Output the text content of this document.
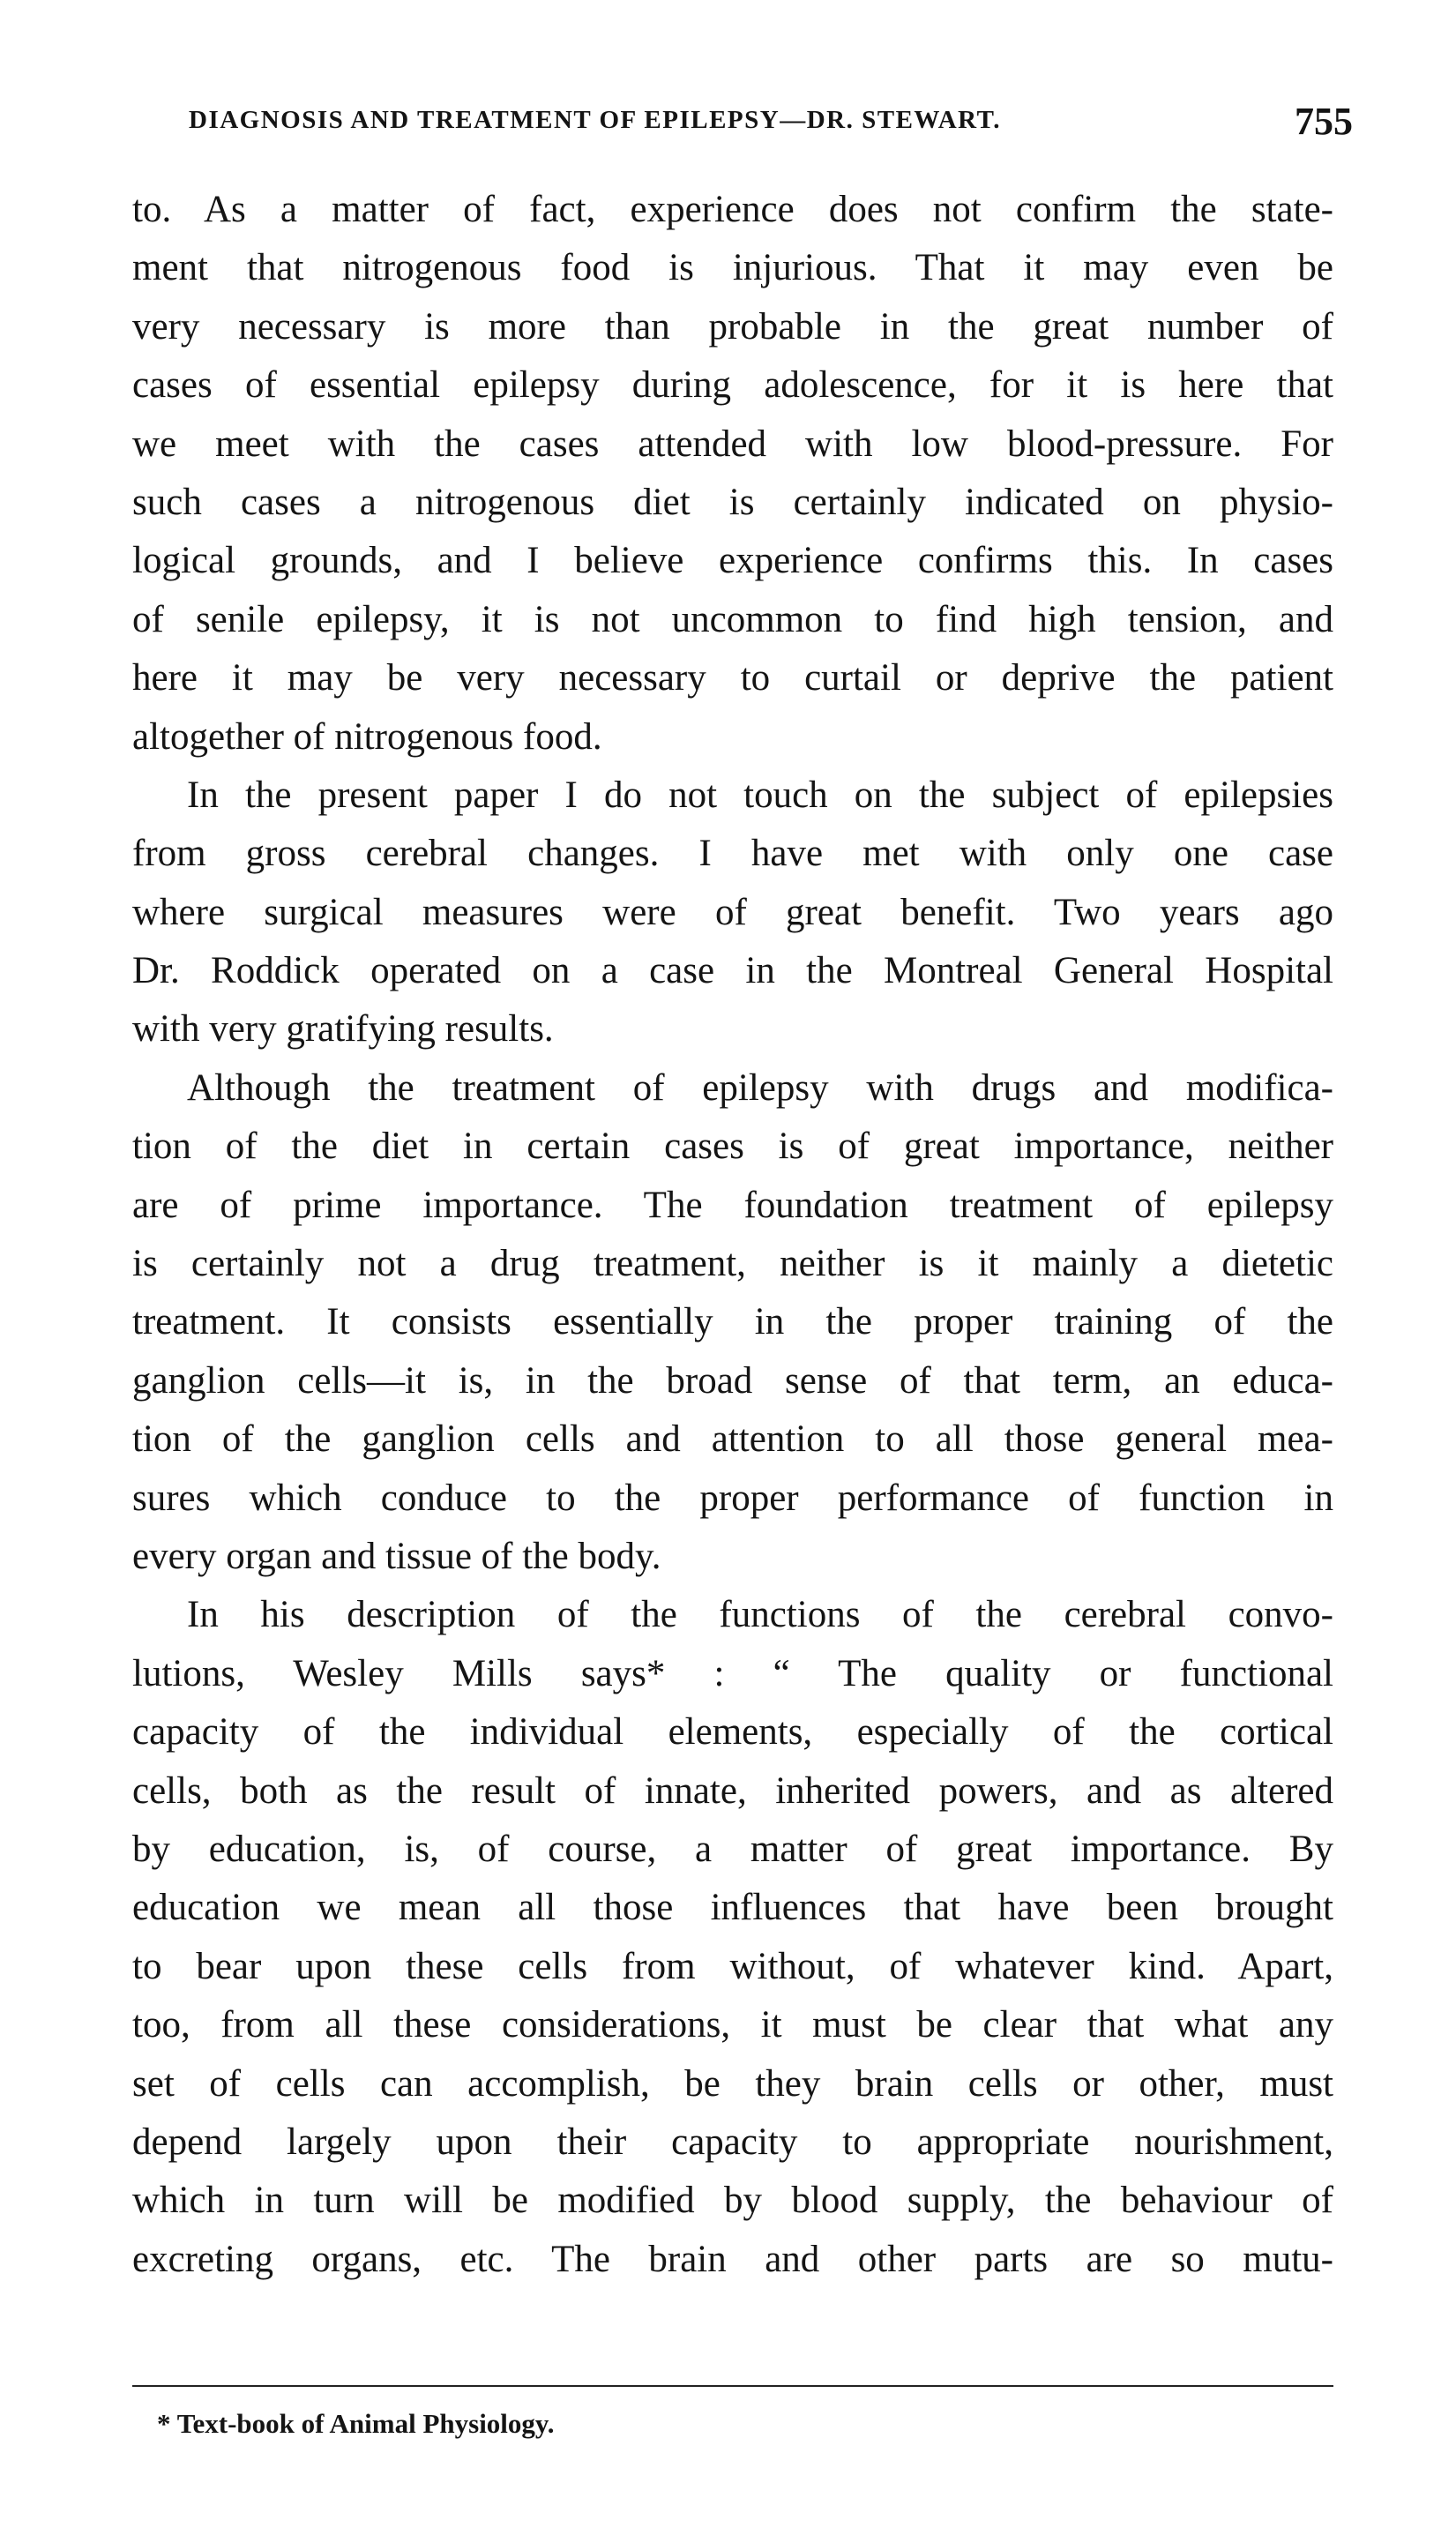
DIAGNOSIS AND TREATMENT OF EPILEPSY—DR. STEWART.	755
to. As a matter of fact, experience does not confirm the state-
ment that nitrogenous food is injurious. That it may even be
very necessary is more than probable in the great number of
cases of essential epilepsy during adolescence, for it is here that
we meet with the cases attended with low blood-pressure. For
such cases a nitrogenous diet is certainly indicated on physio-
logical grounds, and I believe experience confirms this. In cases
of senile epilepsy, it is not uncommon to find high tension, and
here it may be very necessary to curtail or deprive the patient
altogether of nitrogenous food.
In the present paper I do not touch on the subject of epilepsies
from gross cerebral changes. I have met with only one case
where surgical measures were of great benefit. Two years ago
Dr. Roddick operated on a case in the Montreal General Hospital
with very gratifying results.
Although the treatment of epilepsy with drugs and modifica-
tion of the diet in certain cases is of great importance, neither
are of prime importance. The foundation treatment of epilepsy
is certainly not a drug treatment, neither is it mainly a dietetic
treatment. It consists essentially in the proper training of the
ganglion cells—it is, in the broad sense of that term, an educa-
tion of the ganglion cells and attention to all those general mea-
sures which conduce to the proper performance of function in
every organ and tissue of the body.
In his description of the functions of the cerebral convo-
lutions, Wesley Mills says* : “ The quality or functional
capacity of the individual elements, especially of the cortical
cells, both as the result of innate, inherited powers, and as altered
by education, is, of course, a matter of great importance. By
education we mean all those influences that have been brought
to bear upon these cells from without, of whatever kind. Apart,
too, from all these considerations, it must be clear that what any
set of cells can accomplish, be they brain cells or other, must
depend largely upon their capacity to appropriate nourishment,
which in turn will be modified by blood supply, the behaviour of
excreting organs, etc. The brain and other parts are so mutu-
* Text-book of Animal Physiology.
